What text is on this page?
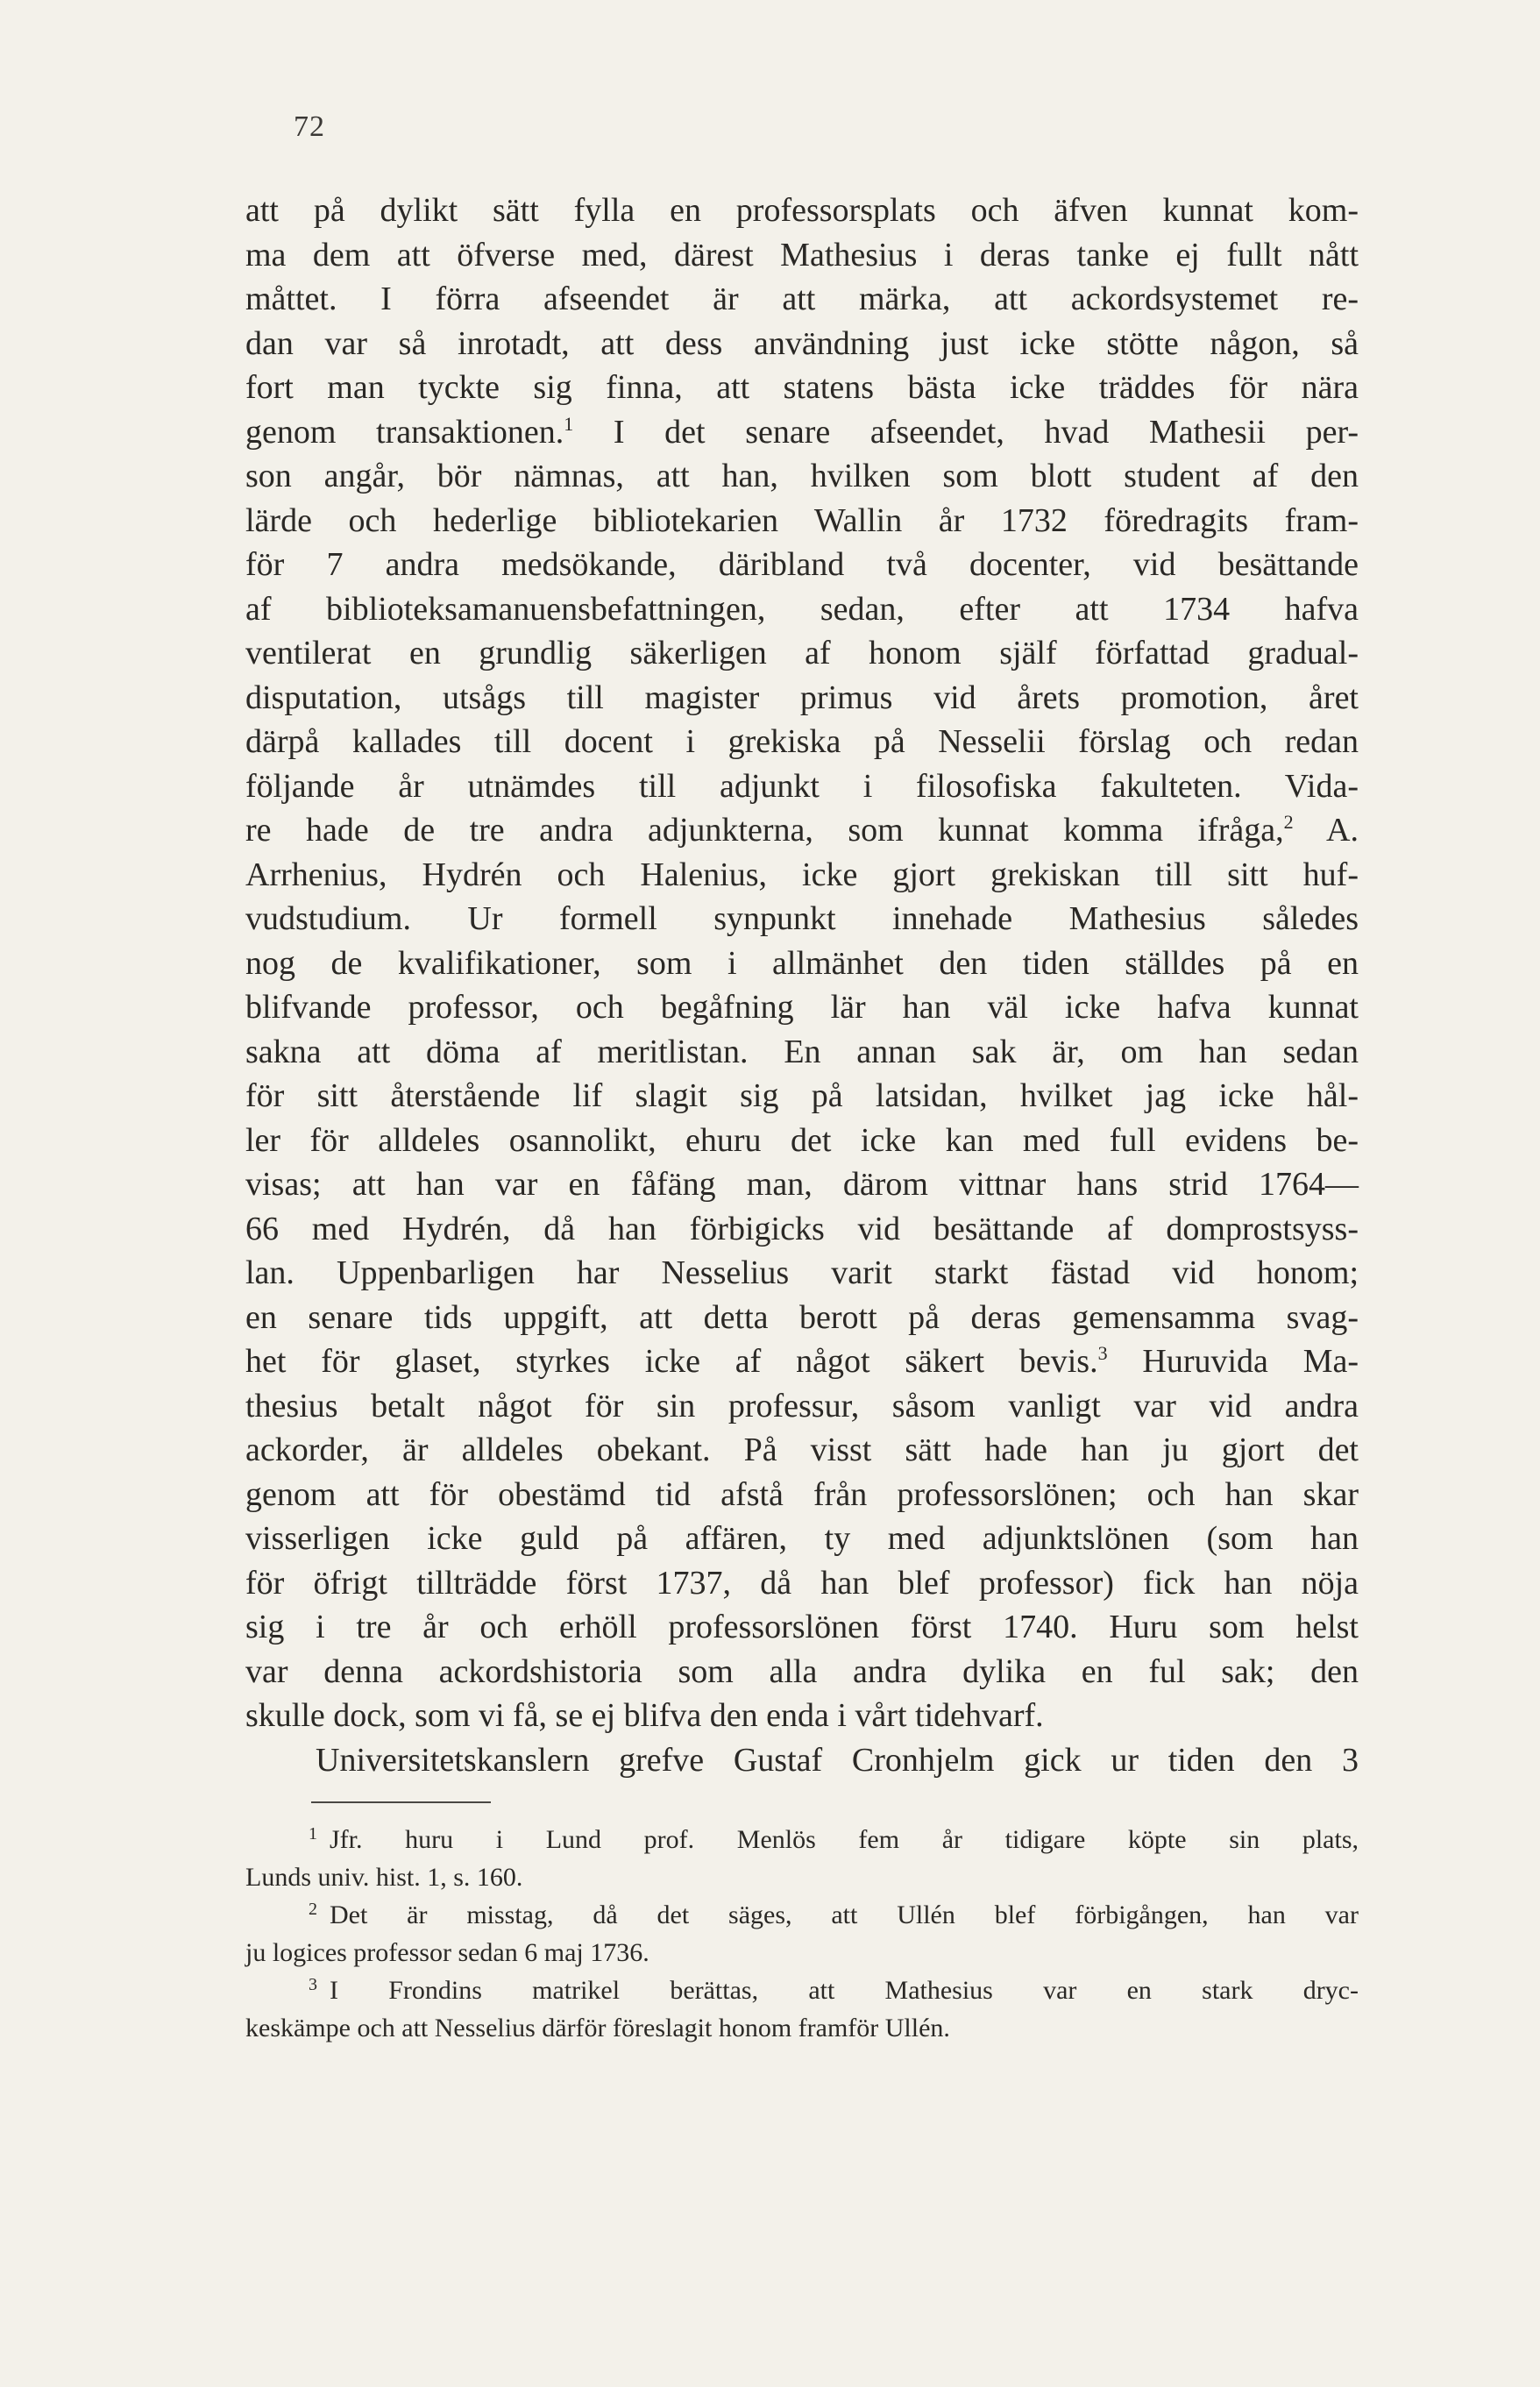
72
att på dylikt sätt fylla en professorsplats och äfven kunnat kom-
ma dem att öfverse med, därest Mathesius i deras tanke ej fullt nått
måttet. I förra afseendet är att märka, att ackordsystemet re-
dan var så inrotadt, att dess användning just icke stötte någon, så
fort man tyckte sig finna, att statens bästa icke träddes för nära
genom transaktionen.$^1$ I det senare afseendet, hvad Mathesii per-
son angår, bör nämnas, att han, hvilken som blott student af den
lärde och hederlige bibliotekarien Wallin år 1732 föredragits fram-
för 7 andra medsökande, däribland två docenter, vid besättande
af biblioteksamanuensbefattningen, sedan, efter att 1734 hafva
ventilerat en grundlig säkerligen af honom själf författad gradual-
disputation, utsågs till magister primus vid årets promotion, året
därpå kallades till docent i grekiska på Nesselii förslag och redan
följande år utnämdes till adjunkt i filosofiska fakulteten. Vida-
re hade de tre andra adjunkterna, som kunnat komma ifråga,$^2$ A.
Arrhenius, Hydrén och Halenius, icke gjort grekiskan till sitt huf-
vudstudium. Ur formell synpunkt innehade Mathesius således
nog de kvalifikationer, som i allmänhet den tiden ställdes på en
blifvande professor, och begåfning lär han väl icke hafva kunnat
sakna att döma af meritlistan. En annan sak är, om han sedan
för sitt återstående lif slagit sig på latsidan, hvilket jag icke hål-
ler för alldeles osannolikt, ehuru det icke kan med full evidens be-
visas; att han var en fåfäng man, därom vittnar hans strid 1764—
66 med Hydrén, då han förbigicks vid besättande af domprostsyss-
lan. Uppenbarligen har Nesselius varit starkt fästad vid honom;
en senare tids uppgift, att detta berott på deras gemensamma svag-
het för glaset, styrkes icke af något säkert bevis.$^3$ Huruvida Ma-
thesius betalt något för sin professur, såsom vanligt var vid andra
ackorder, är alldeles obekant. På visst sätt hade han ju gjort det
genom att för obestämd tid afstå från professorslönen; och han skar
visserligen icke guld på affären, ty med adjunktslönen (som han
för öfrigt tillträdde först 1737, då han blef professor) fick han nöja
sig i tre år och erhöll professorslönen först 1740. Huru som helst
var denna ackordshistoria som alla andra dylika en ful sak; den
skulle dock, som vi få, se ej blifva den enda i vårt tidehvarf.
Universitetskanslern grefve Gustaf Cronhjelm gick ur tiden den 3
$^1$ Jfr. huru i Lund prof. Menlös fem år tidigare köpte sin plats,
Lunds univ. hist. 1, s. 160.
$^2$ Det är misstag, då det säges, att Ullén blef förbigången, han var
ju logices professor sedan 6 maj 1736.
$^3$ I Frondins matrikel berättas, att Mathesius var en stark dryc-
keskämpe och att Nesselius därför föreslagit honom framför Ullén.
